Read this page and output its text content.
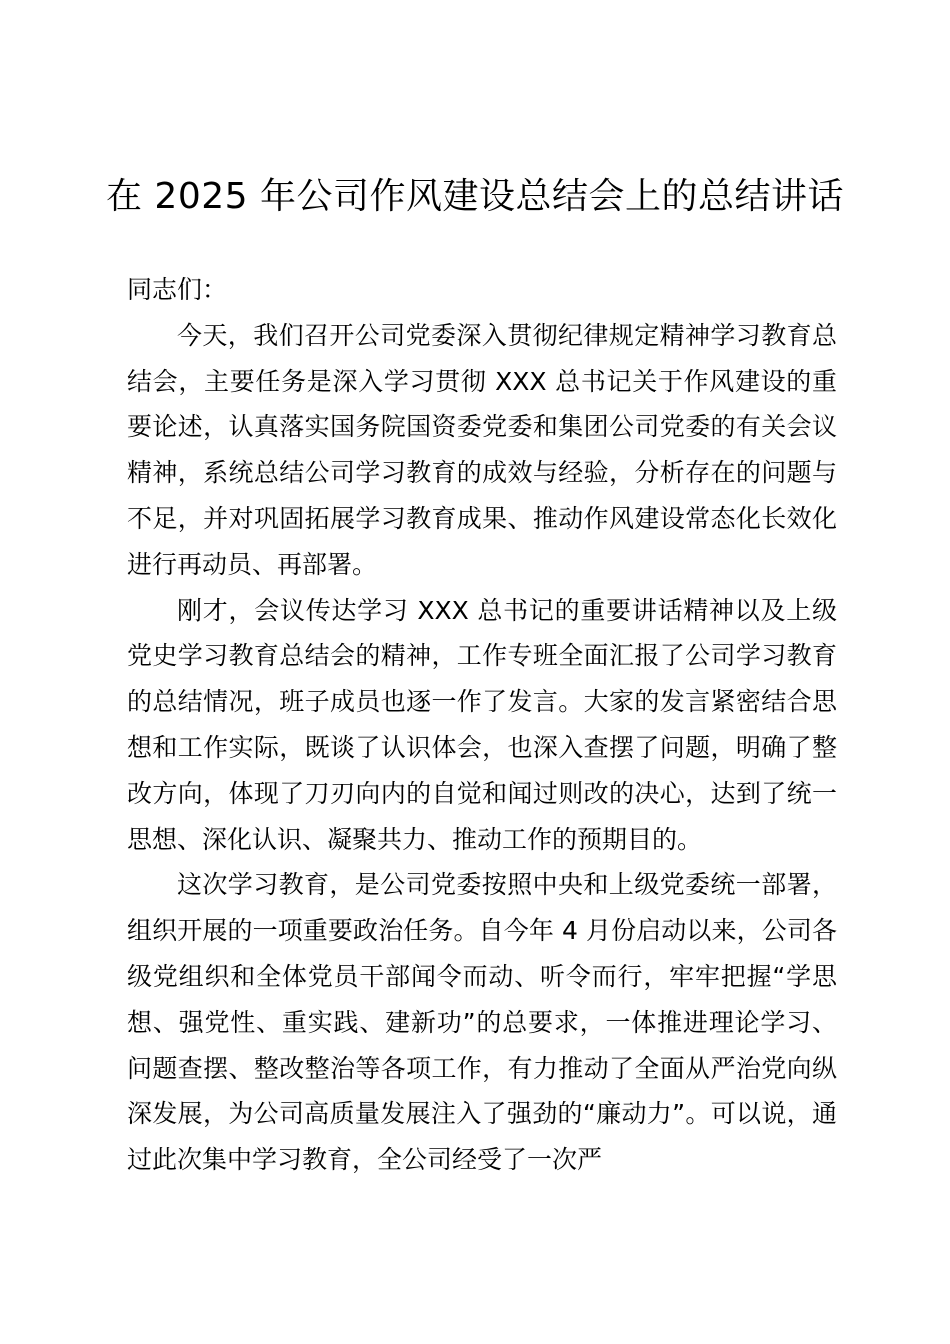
在 2025 年公司作风建设总结会上的总结讲话

同志们：

今天，我们召开公司党委深入贯彻纪律规定精神学习教育总结会，主要任务是深入学习贯彻 XXX 总书记关于作风建设的重要论述，认真落实国务院国资委党委和集团公司党委的有关会议精神，系统总结公司学习教育的成效与经验，分析存在的问题与不足，并对巩固拓展学习教育成果、推动作风建设常态化长效化进行再动员、再部署。

刚才，会议传达学习 XXX 总书记的重要讲话精神以及上级党史学习教育总结会的精神，工作专班全面汇报了公司学习教育的总结情况，班子成员也逐一作了发言。大家的发言紧密结合思想和工作实际，既谈了认识体会，也深入查摆了问题，明确了整改方向，体现了刀刃向内的自觉和闻过则改的决心，达到了统一思想、深化认识、凝聚共力、推动工作的预期目的。

这次学习教育，是公司党委按照中央和上级党委统一部署，组织开展的一项重要政治任务。自今年 4 月份启动以来，公司各级党组织和全体党员干部闻令而动、听令而行，牢牢把握“学思想、强党性、重实践、建新功”的总要求，一体推进理论学习、问题查摆、整改整治等各项工作，有力推动了全面从严治党向纵深发展，为公司高质量发展注入了强劲的“廉动力”。可以说，通过此次集中学习教育，全公司经受了一次严
